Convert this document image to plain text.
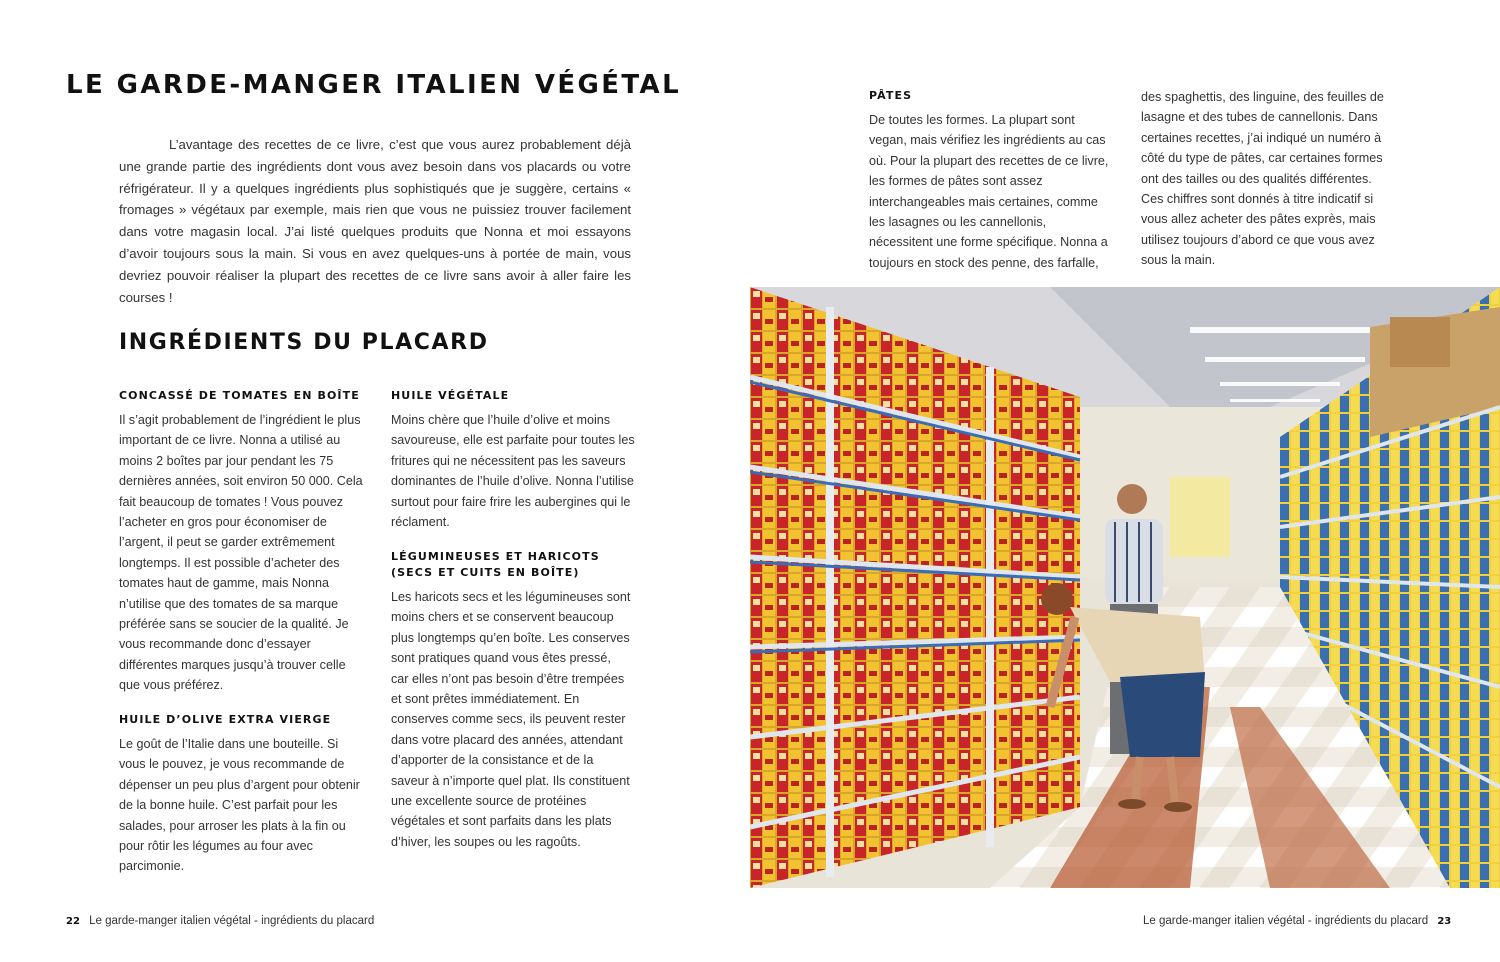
LE GARDE-MANGER ITALIEN VÉGÉTAL

L’avantage des recettes de ce livre, c’est que vous aurez probablement déjà une grande partie des ingrédients dont vous avez besoin dans vos placards ou votre réfrigérateur. Il y a quelques ingrédients plus sophistiqués que je suggère, certains « fromages » végétaux par exemple, mais rien que vous ne puissiez trouver facilement dans votre magasin local. J’ai listé quelques produits que Nonna et moi essayons d’avoir toujours sous la main. Si vous en avez quelques-uns à portée de main, vous devriez pouvoir réaliser la plupart des recettes de ce livre sans avoir à aller faire les courses !

INGRÉDIENTS DU PLACARD
CONCASSÉ DE TOMATES EN BOÎTE

Il s’agit probablement de l’ingrédient le plus important de ce livre. Nonna a utilisé au moins 2 boîtes par jour pendant les 75 dernières années, soit environ 50 000. Cela fait beaucoup de tomates ! Vous pouvez l’acheter en gros pour économiser de l’argent, il peut se garder extrêmement longtemps. Il est possible d’acheter des tomates haut de gamme, mais Nonna n’utilise que des tomates de sa marque préférée sans se soucier de la qualité. Je vous recommande donc d’essayer différentes marques jusqu’à trouver celle que vous préférez.

HUILE D’OLIVE EXTRA VIERGE

Le goût de l’Italie dans une bouteille. Si vous le pouvez, je vous recommande de dépenser un peu plus d’argent pour obtenir de la bonne huile. C’est parfait pour les salades, pour arroser les plats à la fin ou pour rôtir les légumes au four avec parcimonie.

HUILE VÉGÉTALE

Moins chère que l’huile d’olive et moins savoureuse, elle est parfaite pour toutes les fritures qui ne nécessitent pas les saveurs dominantes de l’huile d’olive. Nonna l’utilise surtout pour faire frire les aubergines qui le réclament.

LÉGUMINEUSES ET HARICOTS (SECS ET CUITS EN BOÎTE)

Les haricots secs et les légumineuses sont moins chers et se conservent beaucoup plus longtemps qu’en boîte. Les conserves sont pratiques quand vous êtes pressé, car elles n’ont pas besoin d’être trempées et sont prêtes immédiatement. En conserves comme secs, ils peuvent rester dans votre placard des années, attendant d’apporter de la consistance et de la saveur à n’importe quel plat. Ils constituent une excellente source de protéines végétales et sont parfaits dans les plats d’hiver, les soupes ou les ragoûts.

22 Le garde-manger italien végétal - ingrédients du placard
PÂTES

De toutes les formes. La plupart sont vegan, mais vérifiez les ingrédients au cas où. Pour la plupart des recettes de ce livre, les formes de pâtes sont assez interchangeables mais certaines, comme les lasagnes ou les cannellonis, nécessitent une forme spécifique. Nonna a toujours en stock des penne, des farfalle,

des spaghettis, des linguine, des feuilles de lasagne et des tubes de cannellonis. Dans certaines recettes, j’ai indiqué un numéro à côté du type de pâtes, car certaines formes ont des tailles ou des qualités différentes. Ces chiffres sont donnés à titre indicatif si vous allez acheter des pâtes exprès, mais utilisez toujours d’abord ce que vous avez sous la main.

Le garde-manger italien végétal - ingrédients du placard 23
